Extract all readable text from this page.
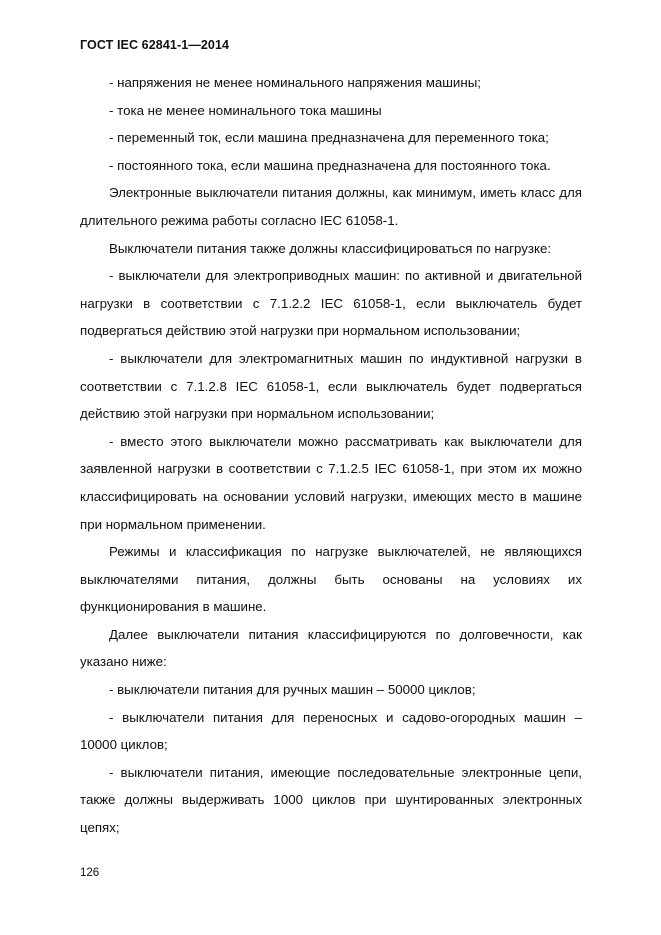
ГОСТ IEC 62841-1—2014

- напряжения не менее номинального напряжения машины;

- тока не менее номинального тока машины

- переменный ток, если машина предназначена для переменного тока;

- постоянного тока, если машина предназначена для постоянного тока.

Электронные выключатели питания должны, как минимум, иметь класс для длительного режима работы согласно IEC 61058-1.

Выключатели питания также должны классифицироваться по нагрузке:

- выключатели для электроприводных машин: по активной и двигательной нагрузки в соответствии с 7.1.2.2 IEC 61058-1, если выключатель будет подвергаться действию этой нагрузки при нормальном использовании;

- выключатели для электромагнитных машин по индуктивной нагрузки в соответствии с 7.1.2.8 IEC 61058-1, если выключатель будет подвергаться действию этой нагрузки при нормальном использовании;

- вместо этого выключатели можно рассматривать как выключатели для заявленной нагрузки в соответствии с 7.1.2.5 IEC 61058-1, при этом их можно классифицировать на основании условий нагрузки, имеющих место в машине при нормальном применении.

Режимы и классификация по нагрузке выключателей, не являющихся выключателями питания, должны быть основаны на условиях их функционирования в машине.

Далее выключатели питания классифицируются по долговечности, как указано ниже:

- выключатели питания для ручных машин – 50000 циклов;

- выключатели питания для переносных и садово-огородных машин – 10000 циклов;

- выключатели питания, имеющие последовательные электронные цепи, также должны выдерживать 1000 циклов при шунтированных электронных цепях;

126
